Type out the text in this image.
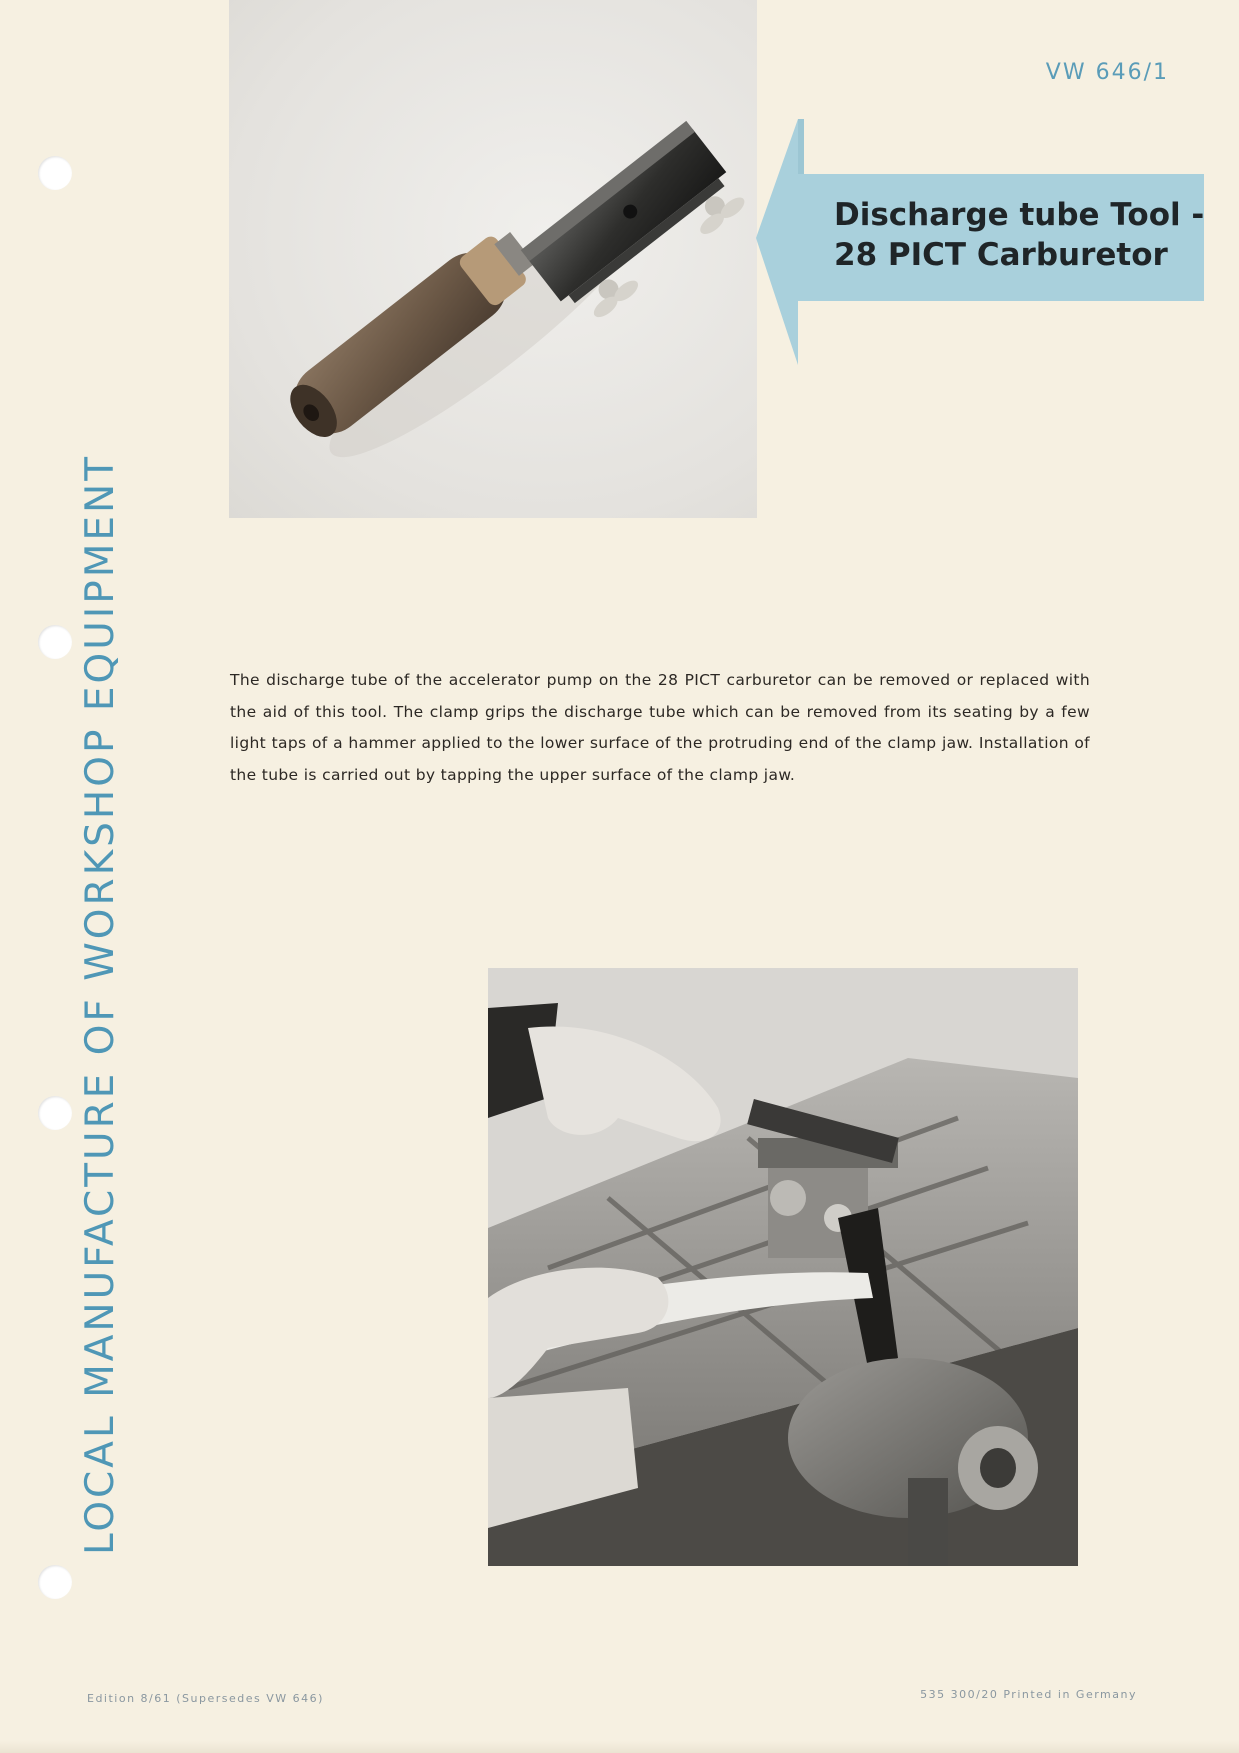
LOCAL MANUFACTURE OF WORKSHOP EQUIPMENT
VW 646/1
Discharge tube Tool -
28 PICT Carburetor
The discharge tube of the accelerator pump on the 28 PICT carburetor can be removed or replaced with the aid of this tool. The clamp grips the discharge tube which can be removed from its seating by a few light taps of a hammer applied to the lower surface of the protruding end of the clamp jaw. Installation of the tube is carried out by tapping the upper surface of the clamp jaw.
Edition 8/61 (Supersedes VW 646)	535 300/20 Printed in Germany
